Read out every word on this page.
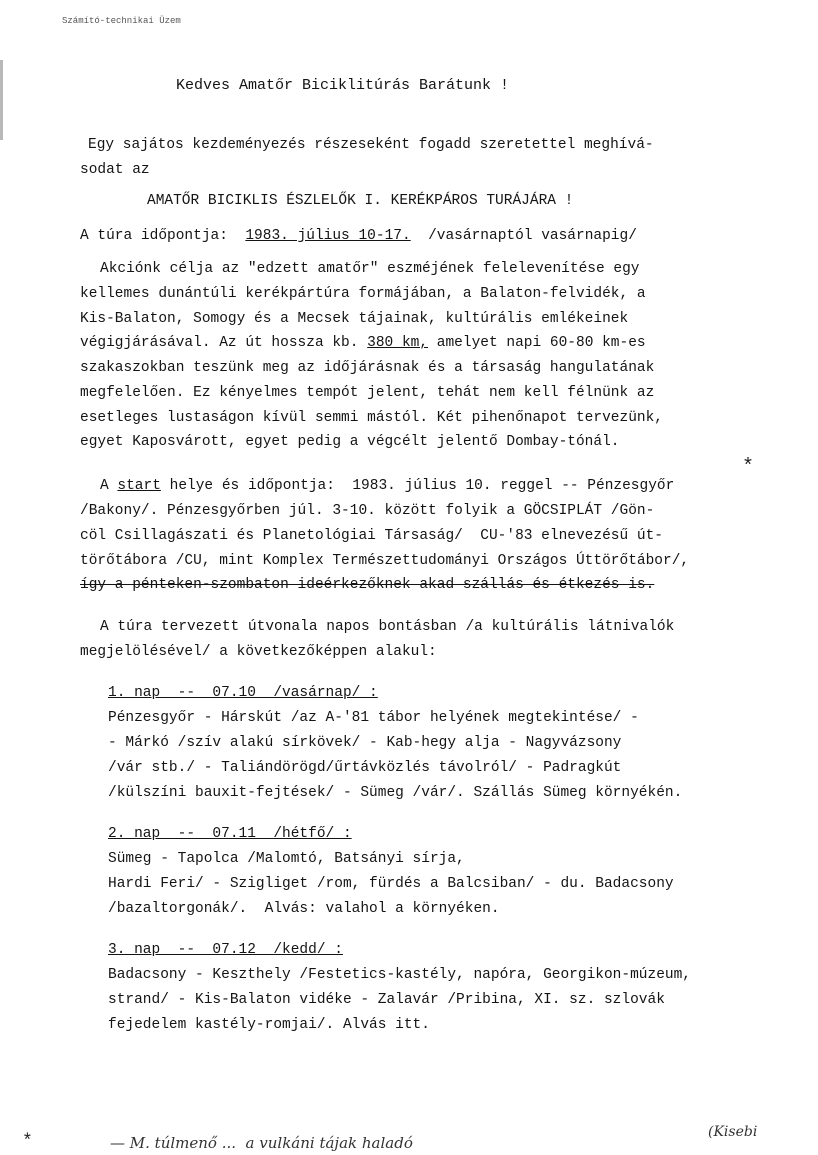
Számító-technikai Üzem
Kedves Amatőr Biciklitúrás Barátunk !
Egy sajátos kezdeményezés részeseként fogadd szeretettel meghívá-
sodat az
AMATŐR BICIKLIS ÉSZLELŐK I. KERÉKPÁROS TURÁJÁRA !
A túra időpontja: 1983. július 10-17. /vasárnaptól vasárnapig/
Akciónk célja az "edzett amatőr" eszméjének felelevenítése egy
kellemes dunántúli kerékpártúra formájában, a Balaton-felvidék, a
Kis-Balaton, Somogy és a Mecsek tájainak, kultúrális emlékeinek
végigjárásával. Az út hossza kb. 380 km, amelyet napi 60-80 km-es
szakaszokban teszünk meg az időjárásnak és a társaság hangulatának
megfelelően. Ez kényelmes tempót jelent, tehát nem kell félnünk az
esetleges lustaságon kívül semmi mástól. Két pihenőnapot tervezünk,
egyet Kaposvárott, egyet pedig a végcélt jelentő Dombay-tónál.
*
A start helye és időpontja:  1983. július 10. reggel -- Pénzesgyőr
/Bakony/. Pénzesgyőrben júl. 3-10. között folyik a GÖCSIPLÁT /Gön-
cöl Csillagászati és Planetológiai Társaság/  CU-'83 elnevezésű út-
törőtábora /CU, mint Komplex Természettudományi Országos Úttörőtábor/,
így a pénteken-szombaton ideérkezőknek akad szállás és étkezés is.
A túra tervezett útvonala napos bontásban /a kultúrális látnivalók
megjelölésével/ a következőképpen alakul:
1. nap  --  07.10  /vasárnap/ :
Pénzesgyőr - Hárskút /az A-'81 tábor helyének megtekintése/ -
- Márkó /szív alakú sírkövek/ - Kab-hegy alja - Nagyvázsony
/vár stb./ - Taliándörögd/űrtávközlés távolról/ - Padragkút
/külszíni bauxit-fejtések/ - Sümeg /vár/. Szállás Sümeg környékén.
2. nap  --  07.11  /hétfő/ :
Sümeg - Tapolca /Malomtó, Batsányi sírja,
Hardi Feri/ - Szigliget /rom, fürdés a Balcsiban/ - du. Badacsony
/bazaltorgonák/.  Alvás: valahol a környéken.
3. nap  --  07.12  /kedd/ :
Badacsony - Keszthely /Festetics-kastély, napóra, Georgikon-múzeum,
strand/ - Kis-Balaton vidéke - Zalavár /Pribina, XI. sz. szlovák
fejedelem kastély-romjai/. Alvás itt.
*	— M. túlmenő ...  a vulkáni tájak haladó
(Kisebi
